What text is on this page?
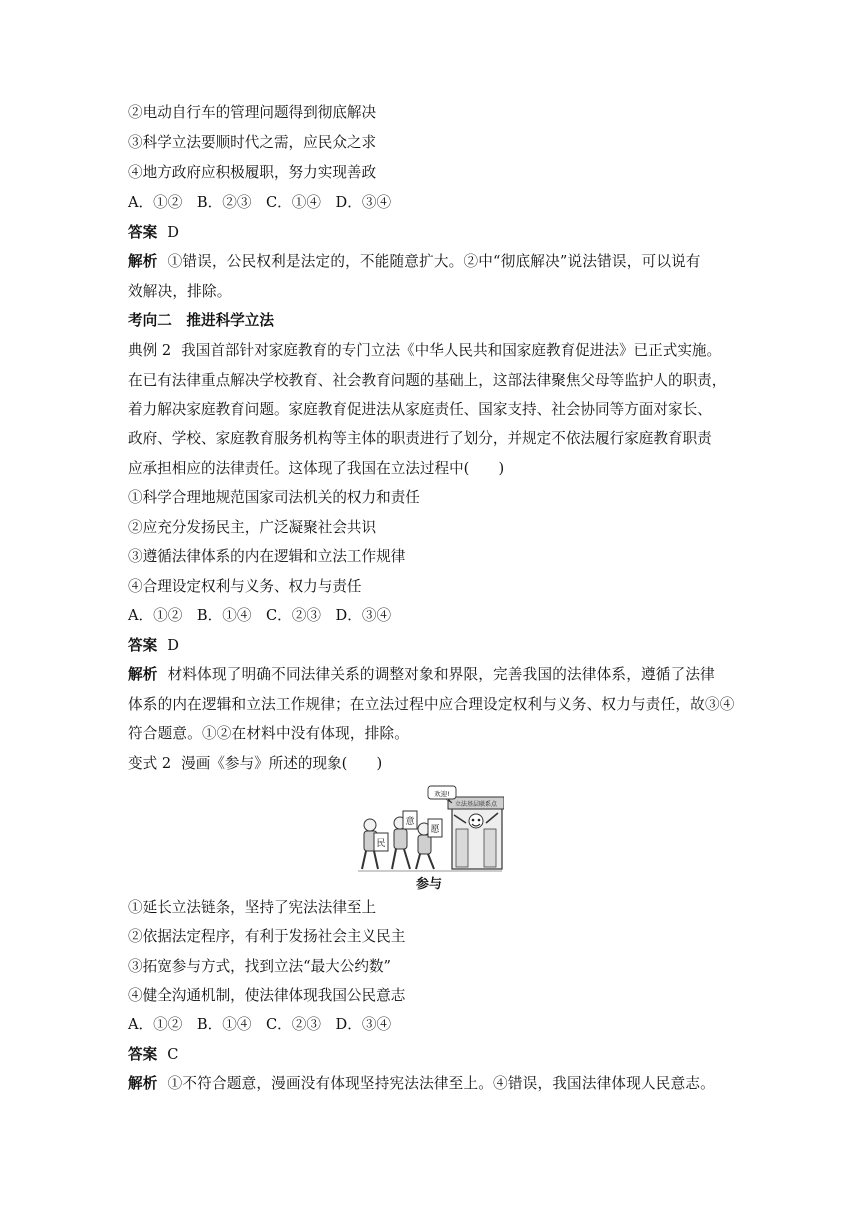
②电动自行车的管理问题得到彻底解决
③科学立法要顺时代之需，应民众之求
④地方政府应积极履职，努力实现善政
A．①②　B．②③　C．①④　D．③④
答案 D
解析 ①错误，公民权利是法定的，不能随意扩大。②中“彻底解决”说法错误，可以说有
效解决，排除。
考向二　推进科学立法
典例 2 我国首部针对家庭教育的专门立法《中华人民共和国家庭教育促进法》已正式实施。
在已有法律重点解决学校教育、社会教育问题的基础上，这部法律聚焦父母等监护人的职责，
着力解决家庭教育问题。家庭教育促进法从家庭责任、国家支持、社会协同等方面对家长、
政府、学校、家庭教育服务机构等主体的职责进行了划分，并规定不依法履行家庭教育职责
应承担相应的法律责任。这体现了我国在立法过程中(　　)
①科学合理地规范国家司法机关的权力和责任
②应充分发扬民主，广泛凝聚社会共识
③遵循法律体系的内在逻辑和立法工作规律
④合理设定权利与义务、权力与责任
A．①②　B．①④　C．②③　D．③④
答案 D
解析 材料体现了明确不同法律关系的调整对象和界限，完善我国的法律体系，遵循了法律
体系的内在逻辑和立法工作规律；在立法过程中应合理设定权利与义务、权力与责任，故③④
符合题意。①②在材料中没有体现，排除。
变式 2 漫画《参与》所述的现象(　　)
立法基层联系点
欢迎!
民
意
愿
参与
①延长立法链条，坚持了宪法法律至上
②依据法定程序，有利于发扬社会主义民主
③拓宽参与方式，找到立法“最大公约数”
④健全沟通机制，使法律体现我国公民意志
A．①②　B．①④　C．②③　D．③④
答案 C
解析 ①不符合题意，漫画没有体现坚持宪法法律至上。④错误，我国法律体现人民意志。
